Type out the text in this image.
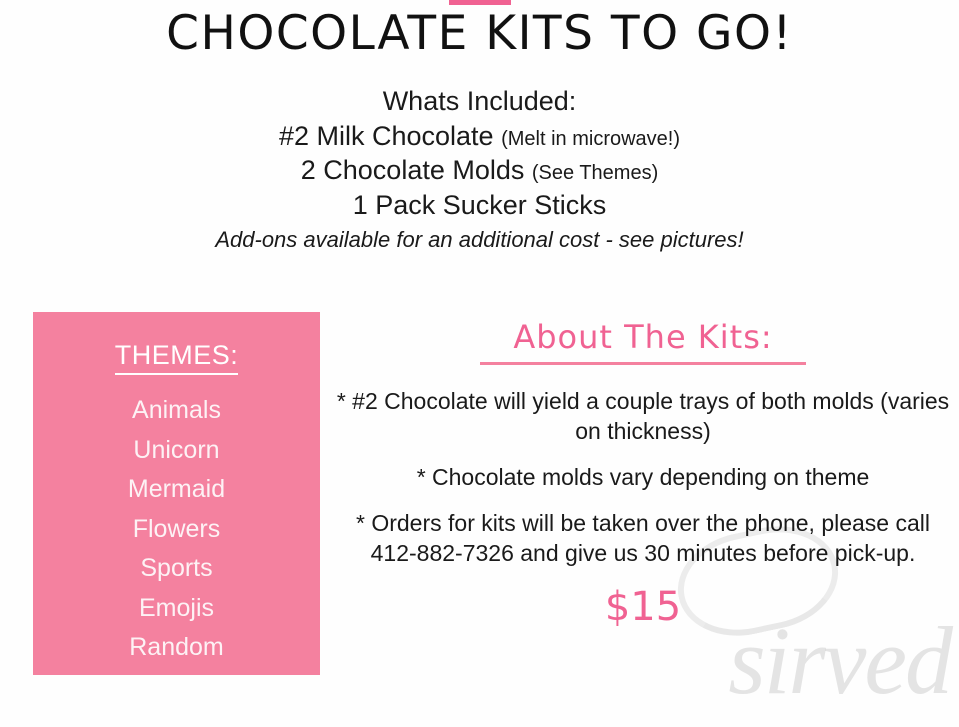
sirved
CHOCOLATE KITS TO GO!
Whats Included:
#2 Milk Chocolate (Melt in microwave!)
2 Chocolate Molds (See Themes)
1 Pack Sucker Sticks
Add-ons available for an additional cost - see pictures!
THEMES:
Animals
Unicorn
Mermaid
Flowers
Sports
Emojis
Random
About The Kits:
* #2 Chocolate will yield a couple trays of both molds (varies on thickness)
* Chocolate molds vary depending on theme
* Orders for kits will be taken over the phone, please call 412-882-7326 and give us 30 minutes before pick-up.
$15
